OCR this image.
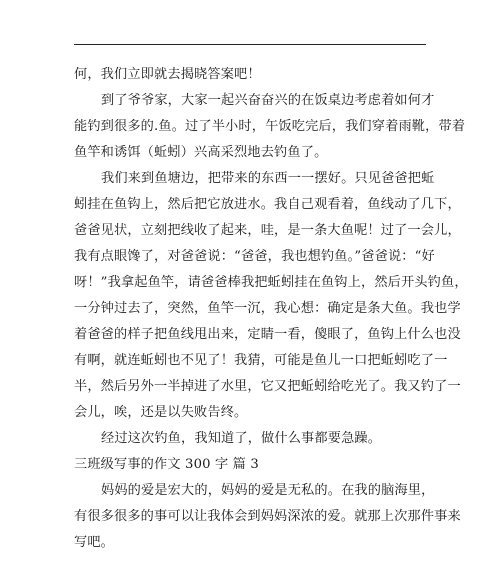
何，我们立即就去揭晓答案吧！
到了爷爷家，大家一起兴奋奋兴的在饭桌边考虑着如何才
能钓到很多的.鱼。过了半小时，午饭吃完后，我们穿着雨靴，带着
鱼竿和诱饵（蚯蚓）兴高采烈地去钓鱼了。
我们来到鱼塘边，把带来的东西一一摆好。只见爸爸把蚯
蚓挂在鱼钩上，然后把它放进水。我自己观看着，鱼线动了几下，
爸爸见状，立刻把线收了起来，哇，是一条大鱼呢！过了一会儿，
我有点眼馋了，对爸爸说：“爸爸，我也想钓鱼。”爸爸说：“好
呀！”我拿起鱼竿，请爸爸棒我把蚯蚓挂在鱼钩上，然后开头钓鱼，
一分钟过去了，突然，鱼竿一沉，我心想：确定是条大鱼。我也学
着爸爸的样子把鱼线甩出来，定睛一看，傻眼了，鱼钩上什么也没
有啊，就连蚯蚓也不见了！我猜，可能是鱼儿一口把蚯蚓吃了一
半，然后另外一半掉进了水里，它又把蚯蚓给吃光了。我又钓了一
会儿，唉，还是以失败告终。
经过这次钓鱼，我知道了，做什么事都要急躁。
三班级写事的作文 300 字 篇 3
妈妈的爱是宏大的，妈妈的爱是无私的。在我的脑海里，
有很多很多的事可以让我体会到妈妈深浓的爱。就那上次那件事来
写吧。
